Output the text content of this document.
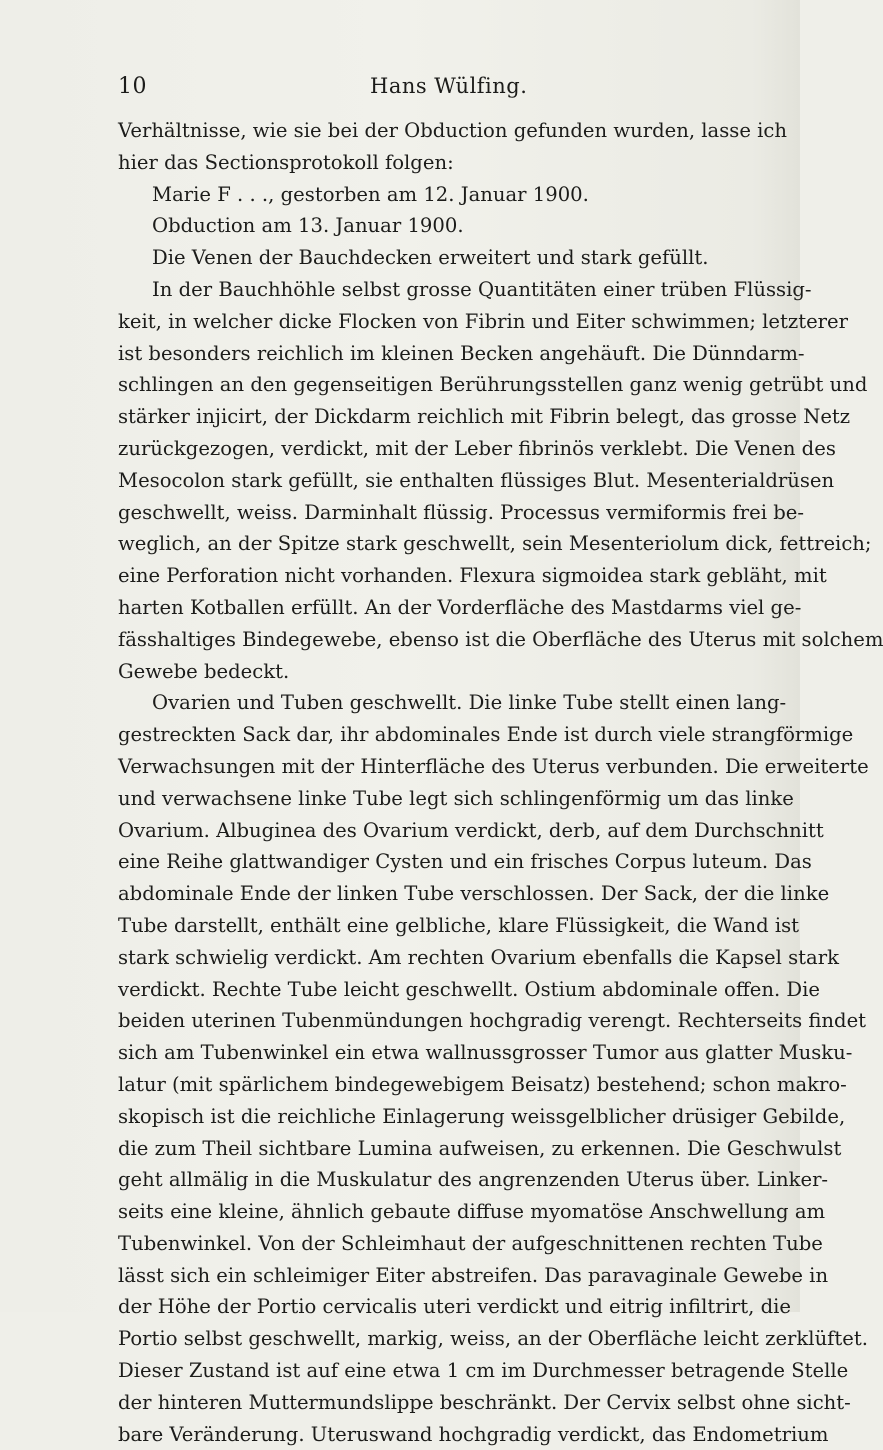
10	Hans Wülfing.
Verhältnisse, wie sie bei der Obduction gefunden wurden, lasse ich
hier das Sectionsprotokoll folgen:
Marie F . . ., gestorben am 12. Januar 1900.
Obduction am 13. Januar 1900.
Die Venen der Bauchdecken erweitert und stark gefüllt.
In der Bauchhöhle selbst grosse Quantitäten einer trüben Flüssig-
keit, in welcher dicke Flocken von Fibrin und Eiter schwimmen; letzterer
ist besonders reichlich im kleinen Becken angehäuft. Die Dünndarm-
schlingen an den gegenseitigen Berührungsstellen ganz wenig getrübt und
stärker injicirt, der Dickdarm reichlich mit Fibrin belegt, das grosse Netz
zurückgezogen, verdickt, mit der Leber fibrinös verklebt. Die Venen des
Mesocolon stark gefüllt, sie enthalten flüssiges Blut. Mesenterialdrüsen
geschwellt, weiss. Darminhalt flüssig. Processus vermiformis frei be-
weglich, an der Spitze stark geschwellt, sein Mesenteriolum dick, fettreich;
eine Perforation nicht vorhanden. Flexura sigmoidea stark gebläht, mit
harten Kotballen erfüllt. An der Vorderfläche des Mastdarms viel ge-
fässhaltiges Bindegewebe, ebenso ist die Oberfläche des Uterus mit solchem
Gewebe bedeckt.
Ovarien und Tuben geschwellt. Die linke Tube stellt einen lang-
gestreckten Sack dar, ihr abdominales Ende ist durch viele strangförmige
Verwachsungen mit der Hinterfläche des Uterus verbunden. Die erweiterte
und verwachsene linke Tube legt sich schlingenförmig um das linke
Ovarium. Albuginea des Ovarium verdickt, derb, auf dem Durchschnitt
eine Reihe glattwandiger Cysten und ein frisches Corpus luteum. Das
abdominale Ende der linken Tube verschlossen. Der Sack, der die linke
Tube darstellt, enthält eine gelbliche, klare Flüssigkeit, die Wand ist
stark schwielig verdickt. Am rechten Ovarium ebenfalls die Kapsel stark
verdickt. Rechte Tube leicht geschwellt. Ostium abdominale offen. Die
beiden uterinen Tubenmündungen hochgradig verengt. Rechterseits findet
sich am Tubenwinkel ein etwa wallnussgrosser Tumor aus glatter Musku-
latur (mit spärlichem bindegewebigem Beisatz) bestehend; schon makro-
skopisch ist die reichliche Einlagerung weissgelblicher drüsiger Gebilde,
die zum Theil sichtbare Lumina aufweisen, zu erkennen. Die Geschwulst
geht allmälig in die Muskulatur des angrenzenden Uterus über. Linker-
seits eine kleine, ähnlich gebaute diffuse myomatöse Anschwellung am
Tubenwinkel. Von der Schleimhaut der aufgeschnittenen rechten Tube
lässt sich ein schleimiger Eiter abstreifen. Das paravaginale Gewebe in
der Höhe der Portio cervicalis uteri verdickt und eitrig infiltrirt, die
Portio selbst geschwellt, markig, weiss, an der Oberfläche leicht zerklüftet.
Dieser Zustand ist auf eine etwa 1 cm im Durchmesser betragende Stelle
der hinteren Muttermundslippe beschränkt. Der Cervix selbst ohne sicht-
bare Veränderung. Uteruswand hochgradig verdickt, das Endometrium
